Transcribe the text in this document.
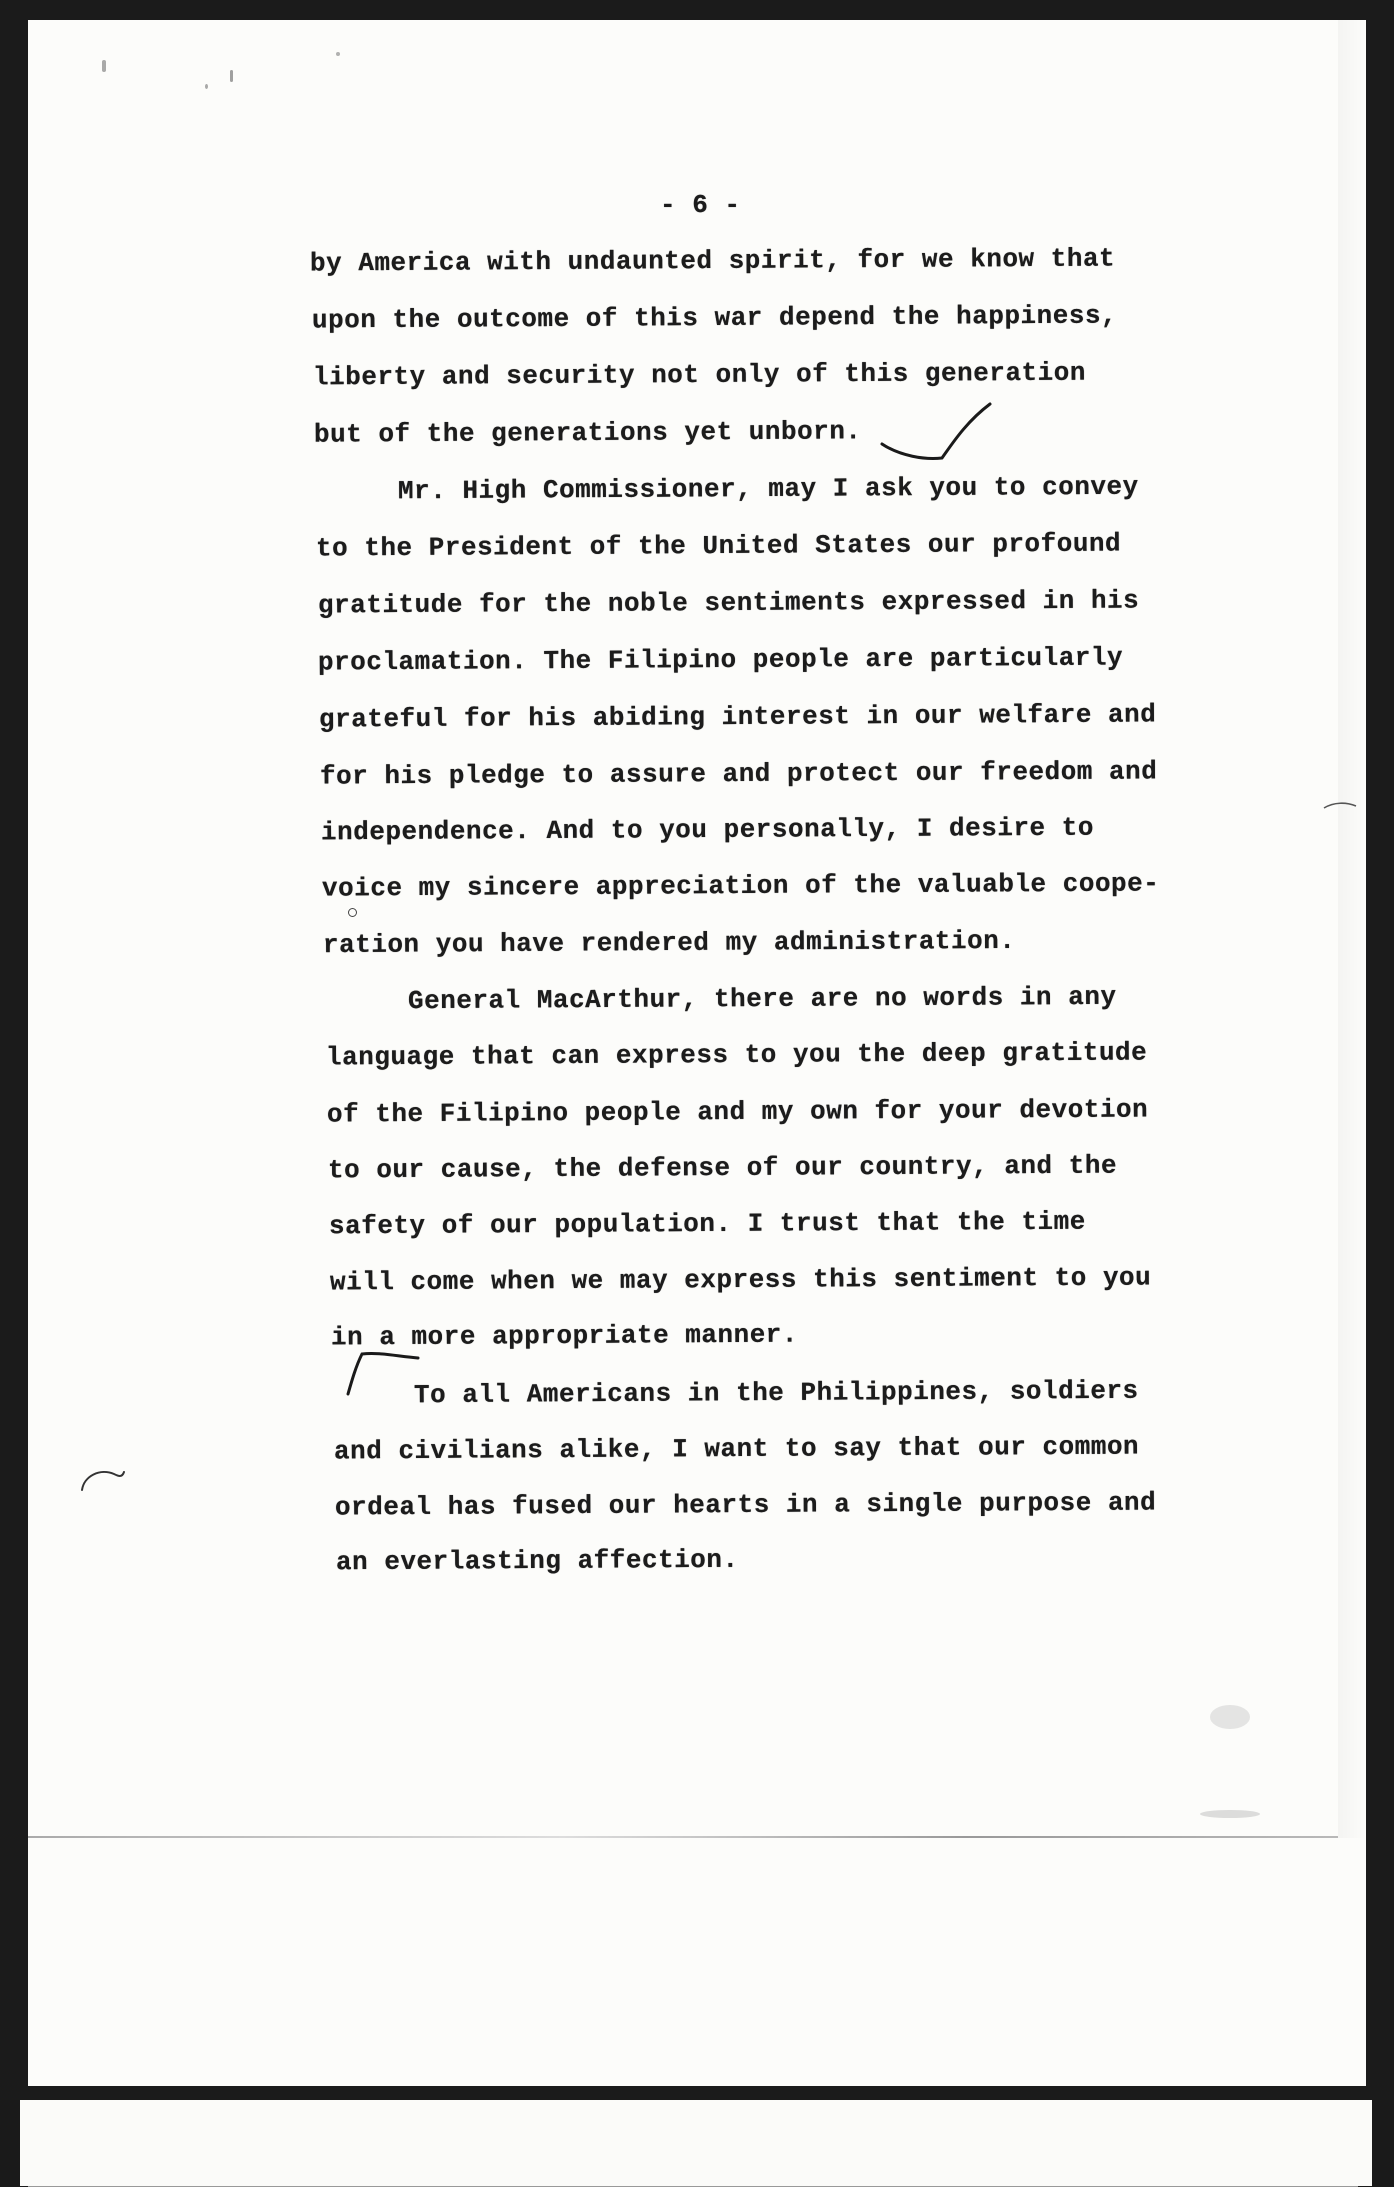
- 6 -
by America with undaunted spirit, for we know that
upon the outcome of this war depend the happiness,
liberty and security not only of this generation
but of the generations yet unborn.
Mr. High Commissioner, may I ask you to convey
to the President of the United States our profound
gratitude for the noble sentiments expressed in his
proclamation. The Filipino people are particularly
grateful for his abiding interest in our welfare and
for his pledge to assure and protect our freedom and
independence. And to you personally, I desire to
voice my sincere appreciation of the valuable coope-
ration you have rendered my administration.
General MacArthur, there are no words in any
language that can express to you the deep gratitude
of the Filipino people and my own for your devotion
to our cause, the defense of our country, and the
safety of our population. I trust that the time
will come when we may express this sentiment to you
in a more appropriate manner.
To all Americans in the Philippines, soldiers
and civilians alike, I want to say that our common
ordeal has fused our hearts in a single purpose and
an everlasting affection.
